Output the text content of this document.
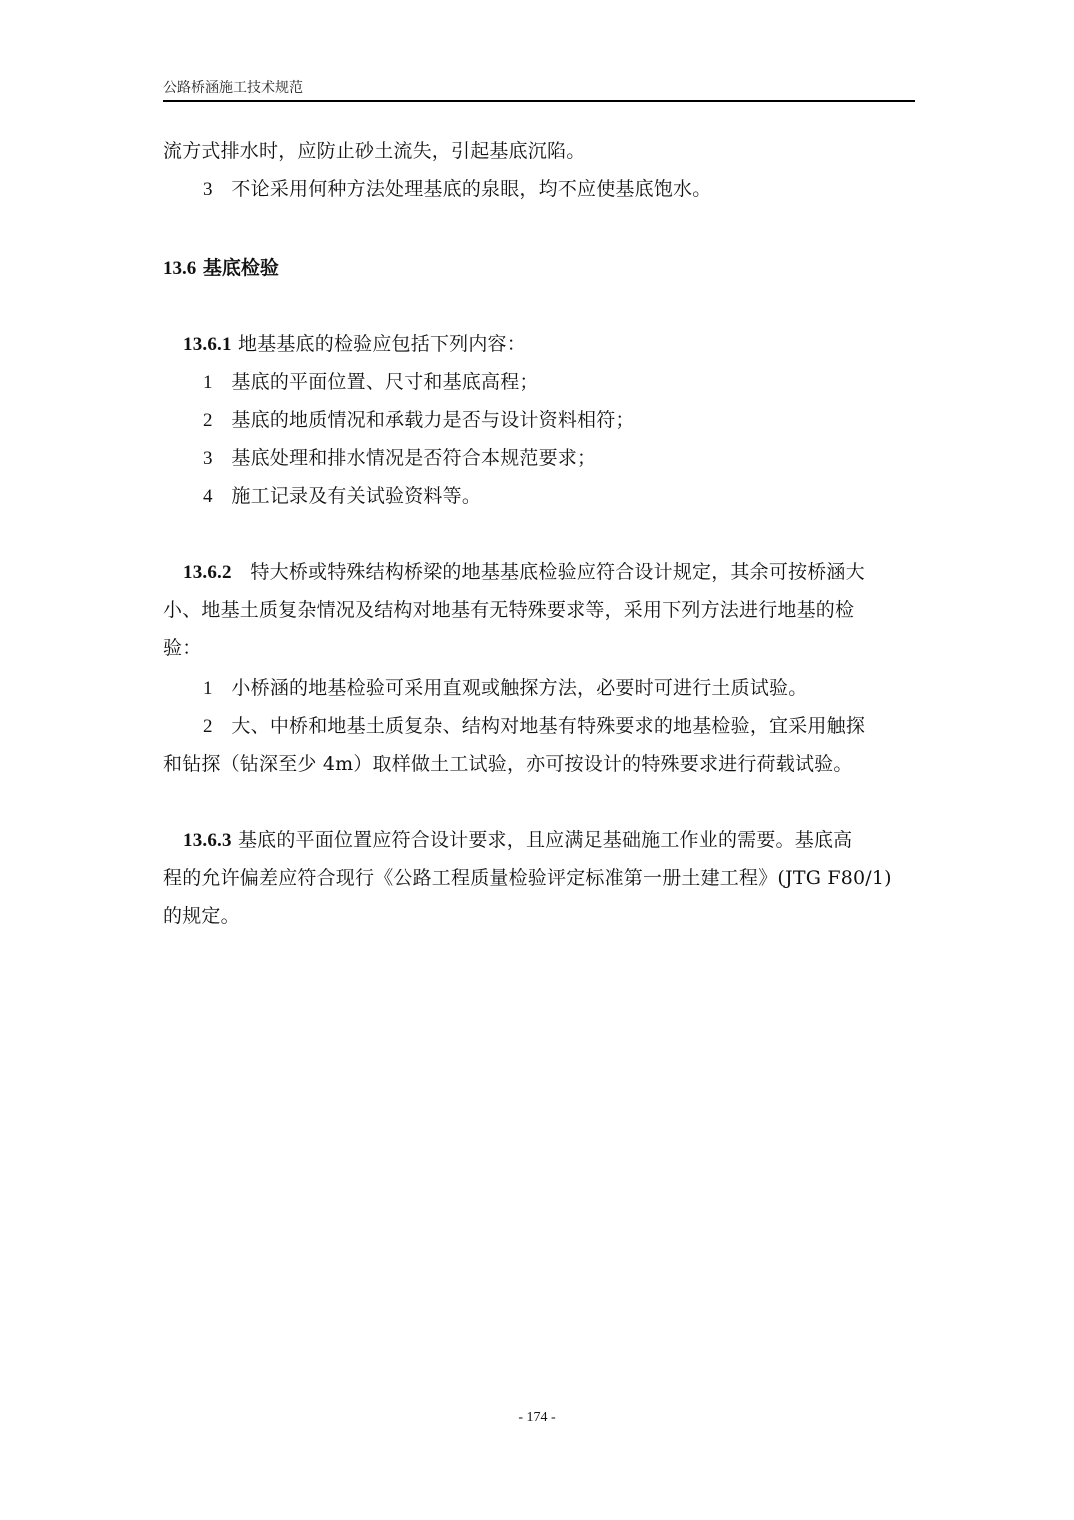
公路桥涵施工技术规范
流方式排水时，应防止砂土流失，引起基底沉陷。
3 不论采用何种方法处理基底的泉眼，均不应使基底饱水。
13.6 基底检验
13.6.1 地基基底的检验应包括下列内容：
1 基底的平面位置、尺寸和基底高程；
2 基底的地质情况和承载力是否与设计资料相符；
3 基底处理和排水情况是否符合本规范要求；
4 施工记录及有关试验资料等。
13.6.2 特大桥或特殊结构桥梁的地基基底检验应符合设计规定，其余可按桥涵大
小、地基土质复杂情况及结构对地基有无特殊要求等，采用下列方法进行地基的检
验：
1 小桥涵的地基检验可采用直观或触探方法，必要时可进行土质试验。
2 大、中桥和地基土质复杂、结构对地基有特殊要求的地基检验，宜采用触探
和钻探（钻深至少 4m）取样做土工试验，亦可按设计的特殊要求进行荷载试验。
13.6.3 基底的平面位置应符合设计要求，且应满足基础施工作业的需要。基底高
程的允许偏差应符合现行《公路工程质量检验评定标准第一册土建工程》(JTG F80/1)
的规定。
- 174 -
